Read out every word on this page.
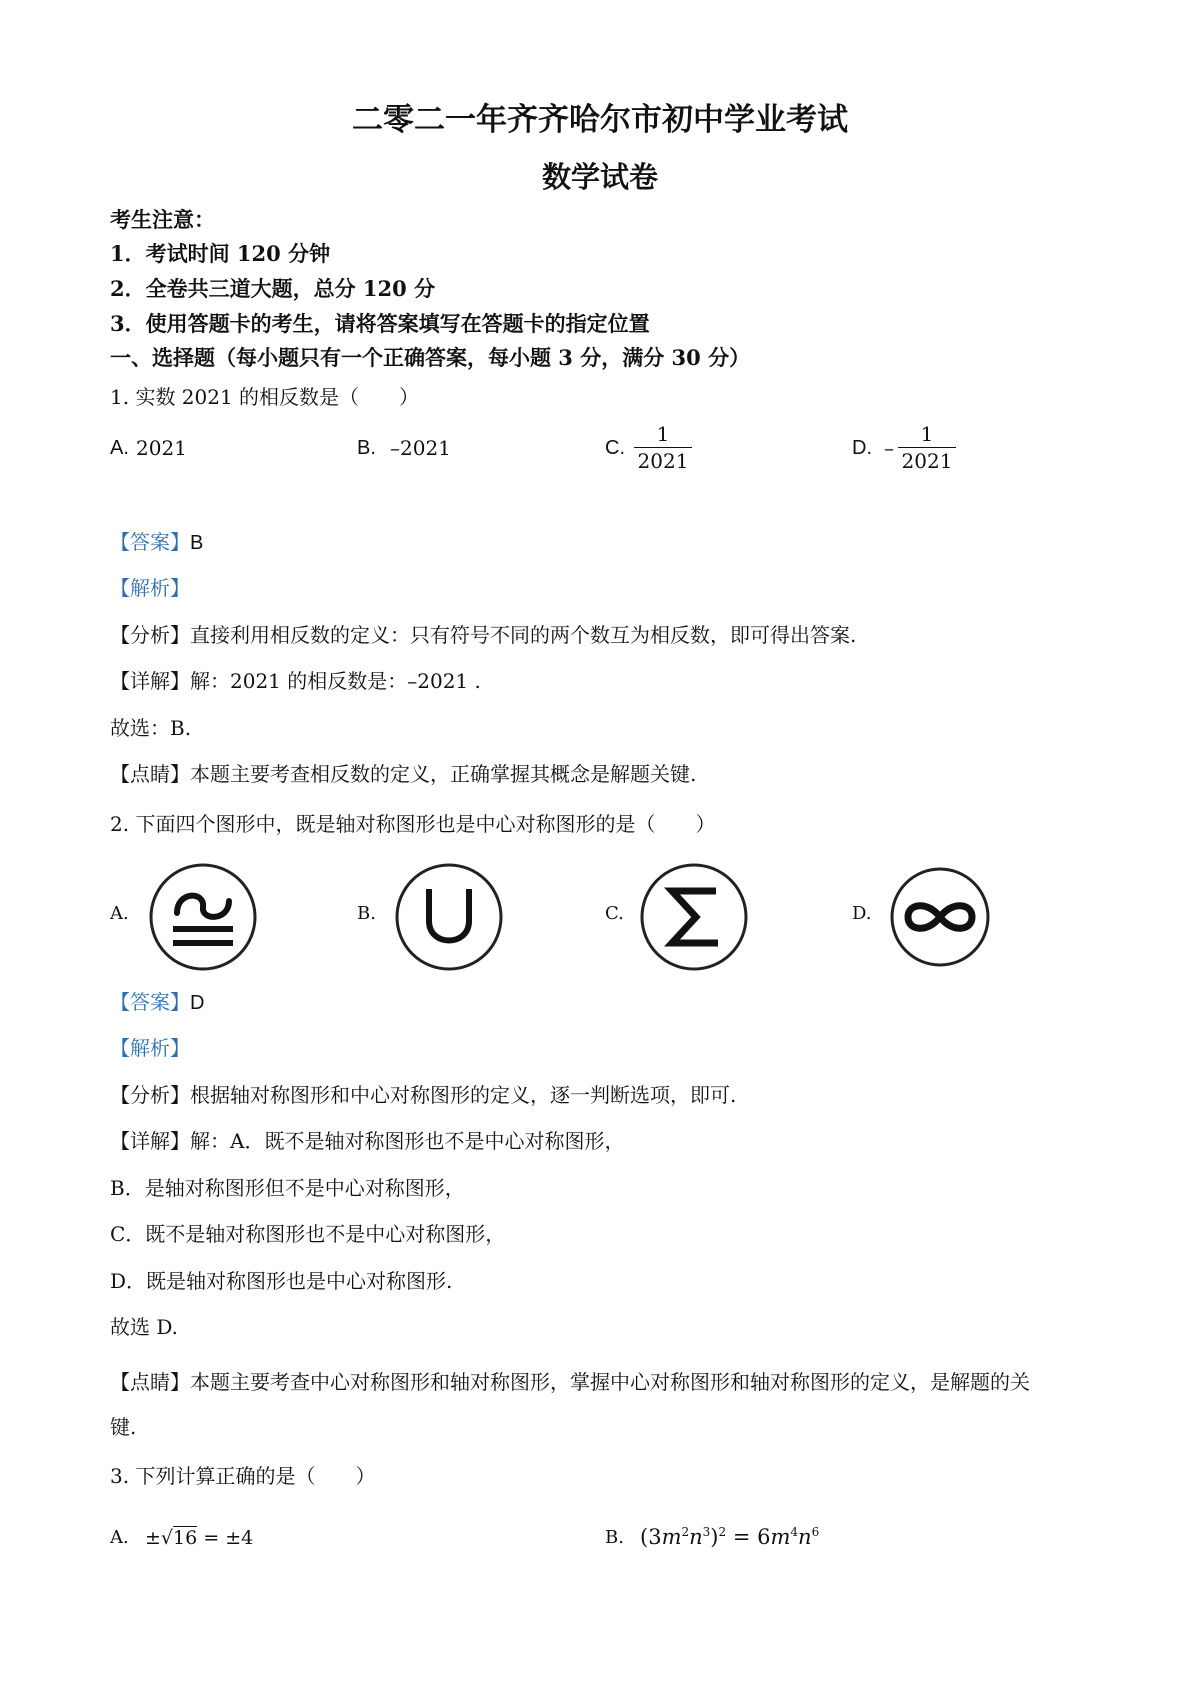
二零二一年齐齐哈尔市初中学业考试
数学试卷
考生注意：
1．考试时间 120 分钟
2．全卷共三道大题，总分 120 分
3．使用答题卡的考生，请将答案填写在答题卡的指定位置
一、选择题（每小题只有一个正确答案，每小题 3 分，满分 30 分）
1. 实数 2021 的相反数是（　　）
A. 2021	B. –2021	C. $\frac{1}{2021}$	D. – $\frac{1}{2021}$
【答案】B
【解析】
【分析】直接利用相反数的定义：只有符号不同的两个数互为相反数，即可得出答案.
【详解】解：2021 的相反数是：–2021 .
故选：B.
【点睛】本题主要考查相反数的定义，正确掌握其概念是解题关键.
2. 下面四个图形中，既是轴对称图形也是中心对称图形的是（　　）
A.	B.	C.	D.
【答案】D
【解析】
【分析】根据轴对称图形和中心对称图形的定义，逐一判断选项，即可.
【详解】解：A．既不是轴对称图形也不是中心对称图形，
B．是轴对称图形但不是中心对称图形，
C．既不是轴对称图形也不是中心对称图形，
D．既是轴对称图形也是中心对称图形.
故选 D.
【点睛】本题主要考查中心对称图形和轴对称图形，掌握中心对称图形和轴对称图形的定义，是解题的关
键.
3. 下列计算正确的是（　　）
A. ±√16 = ±4	B. $(3m^2n^3)^2 = 6m^4n^6$
